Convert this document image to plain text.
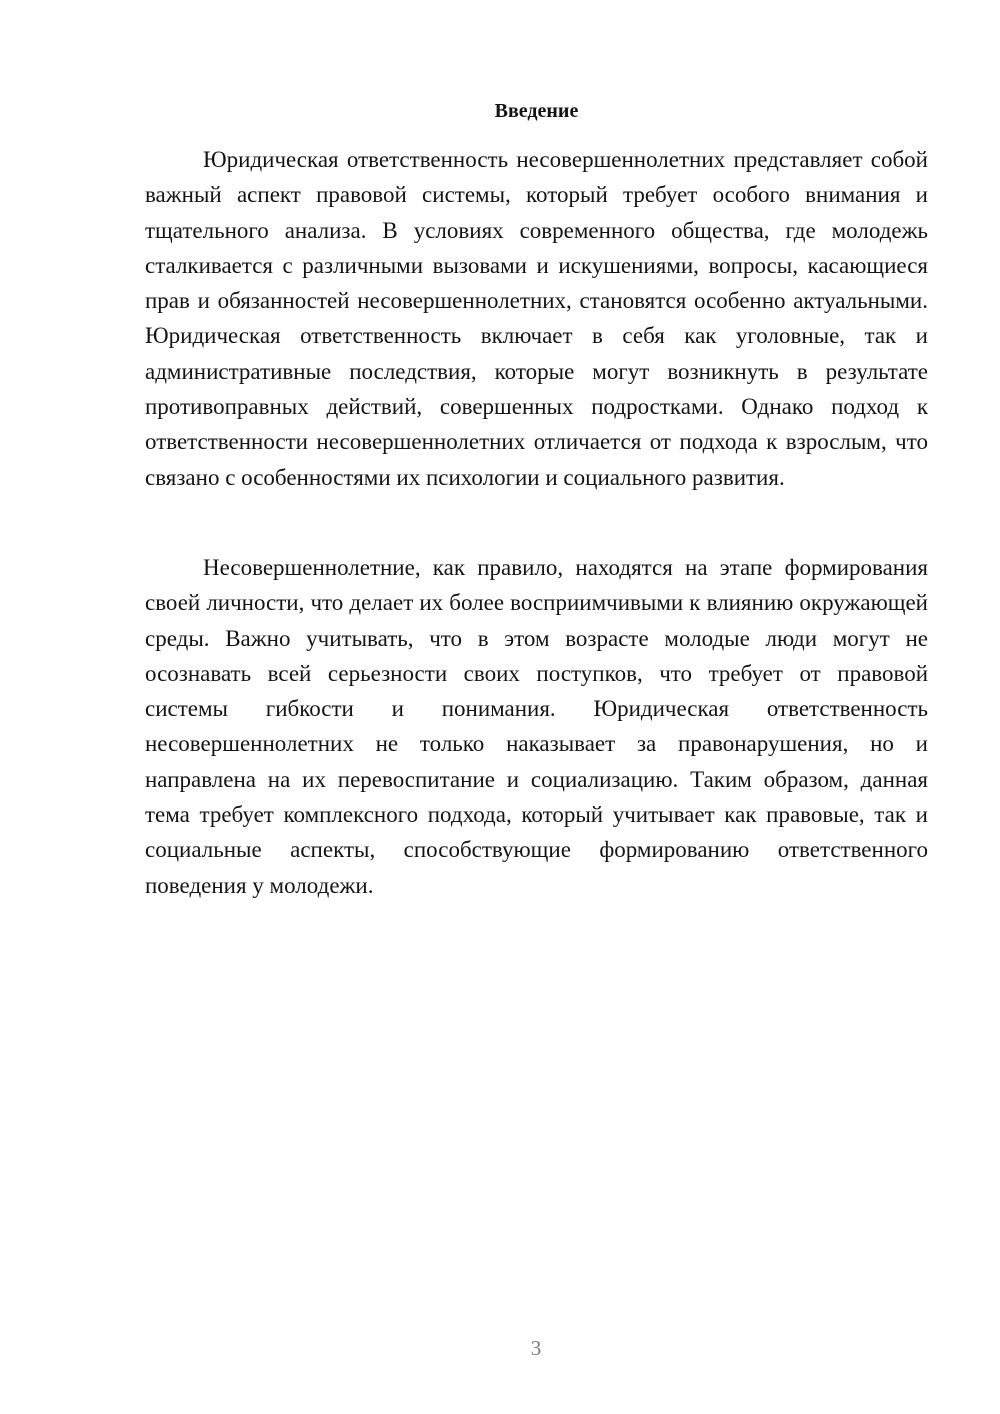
Введение

Юридическая ответственность несовершеннолетних представляет собой важный аспект правовой системы, который требует особого внимания и тщательного анализа. В условиях современного общества, где молодежь сталкивается с различными вызовами и искушениями, вопросы, касающиеся прав и обязанностей несовершеннолетних, становятся особенно актуальными. Юридическая ответственность включает в себя как уголовные, так и административные последствия, которые могут возникнуть в результате противоправных действий, совершенных подростками. Однако подход к ответственности несовершеннолетних отличается от подхода к взрослым, что связано с особенностями их психологии и социального развития.

Несовершеннолетние, как правило, находятся на этапе формирования своей личности, что делает их более восприимчивыми к влиянию окружающей среды. Важно учитывать, что в этом возрасте молодые люди могут не осознавать всей серьезности своих поступков, что требует от правовой системы гибкости и понимания. Юридическая ответственность несовершеннолетних не только наказывает за правонарушения, но и направлена на их перевоспитание и социализацию. Таким образом, данная тема требует комплексного подхода, который учитывает как правовые, так и социальные аспекты, способствующие формированию ответственного поведения у молодежи.

3
